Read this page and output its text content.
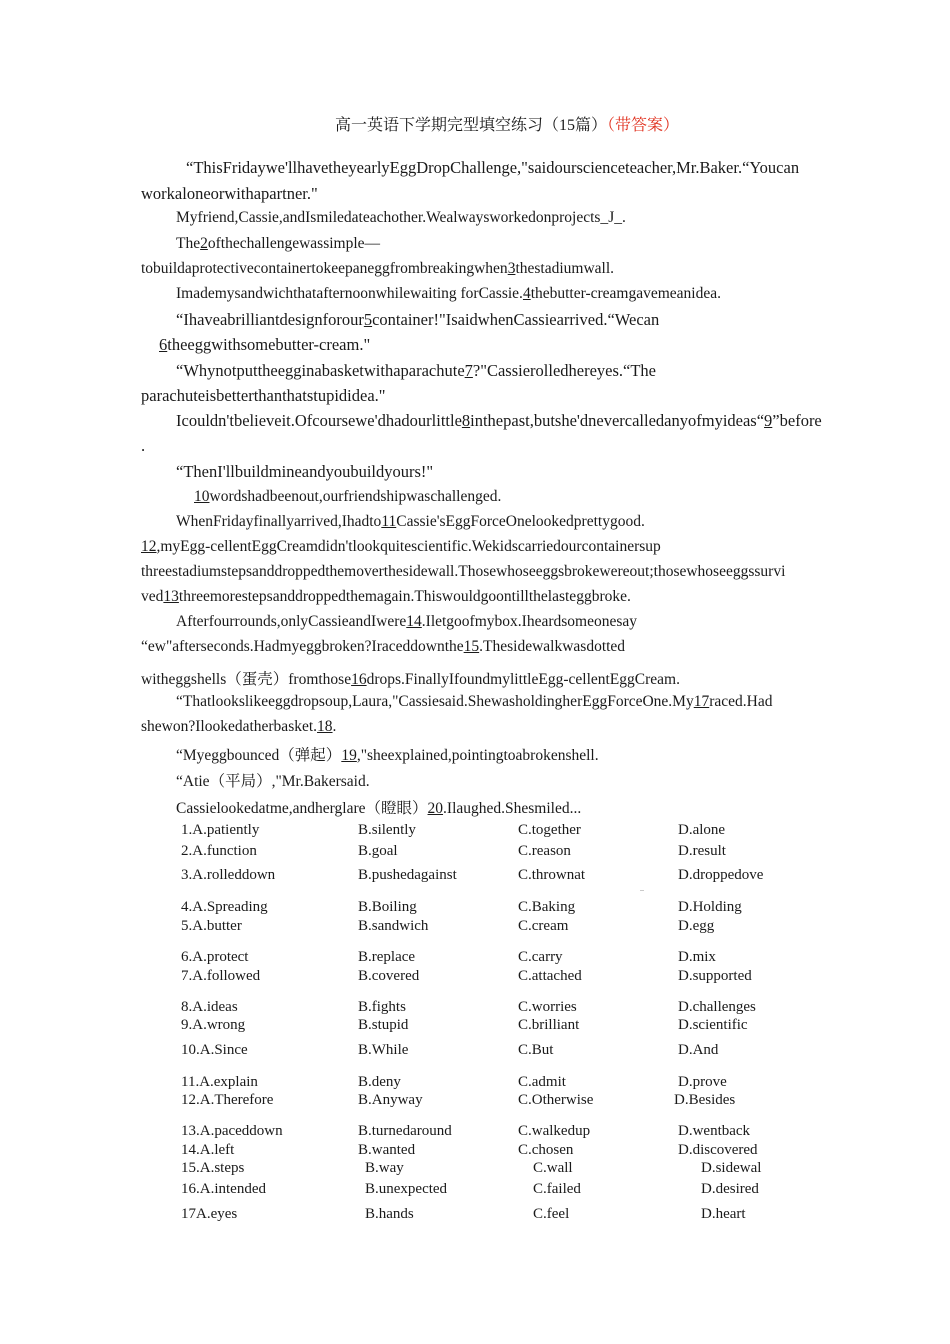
高一英语下学期完型填空练习（15篇）（带答案）
“ThisFridaywe'llhavetheyearlyEggDropChallenge,"saidourscienceteacher,Mr.Baker.“Youcan
workaloneorwithapartner."
Myfriend,Cassie,andIsmiledateachother.Wealwaysworkedonprojects_J_.
The2ofthechallengewassimple—
tobuildaprotectivecontainertokeepaneggfrombreakingwhen3thestadiumwall.
Imademysandwichthatafternoonwhilewaiting forCassie.4thebutter-creamgavemeanidea.
“Ihaveabrilliantdesignforour5container!"IsaidwhenCassiearrived.“Wecan
6theeggwithsomebutter-cream."
“Whynotputtheegginabasketwithaparachute7?"Cassierolledhereyes.“The
parachuteisbetterthanthatstupididea."
Icouldn'tbelieveit.Ofcoursewe'dhadourlittle8inthepast,butshe'dnevercalledanyofmyideas“9”before
.
“ThenI'llbuildmineandyoubuildyours!"
10wordshadbeenout,ourfriendshipwaschallenged.
WhenFridayfinallyarrived,Ihadto11Cassie'sEggForceOnelookedprettygood.
12,myEgg-cellentEggCreamdidn'tlookquitescientific.Wekidscarriedourcontainersup
threestadiumstepsanddroppedthemoverthesidewall.Thosewhoseeggsbrokewereout;thosewhoseeggssurvi
ved13threemorestepsanddroppedthemagain.Thiswouldgoontillthelasteggbroke.
Afterfourrounds,onlyCassieandIwere14.Iletgoofmybox.Iheardsomeonesay
“ew"afterseconds.Hadmyeggbroken?Iraceddownthe15.Thesidewalkwasdotted
witheggshells（蛋壳）fromthose16drops.FinallyIfoundmylittleEgg-cellentEggCream.
“Thatlookslikeeggdropsoup,Laura,"Cassiesaid.ShewasholdingherEggForceOne.My17raced.Had
shewon?Ilookedatherbasket.18.
“Myeggbounced（弹起）19,"sheexplained,pointingtoabrokenshell.
“Atie（平局）,"Mr.Bakersaid.
Cassielookedatme,andherglare（瞪眼）20.Ilaughed.Shesmiled...
1.A.patiently	B.silently	C.together	D.alone
2.A.function	B.goal	C.reason	D.result
3.A.rolleddown	B.pushedagainst	C.thrownat	D.droppedove
4.A.Spreading	B.Boiling	C.Baking	D.Holding
5.A.butter	B.sandwich	C.cream	D.egg
6.A.protect	B.replace	C.carry	D.mix
7.A.followed	B.covered	C.attached	D.supported
8.A.ideas	B.fights	C.worries	D.challenges
9.A.wrong	B.stupid	C.brilliant	D.scientific
10.A.Since	B.While	C.But	D.And
11.A.explain	B.deny	C.admit	D.prove
12.A.Therefore	B.Anyway	C.Otherwise	D.Besides
13.A.paceddown	B.turnedaround	C.walkedup	D.wentback
14.A.left	B.wanted	C.chosen	D.discovered
15.A.steps	B.way	C.wall	D.sidewal
16.A.intended	B.unexpected	C.failed	D.desired
17A.eyes	B.hands	C.feel	D.heart
..
